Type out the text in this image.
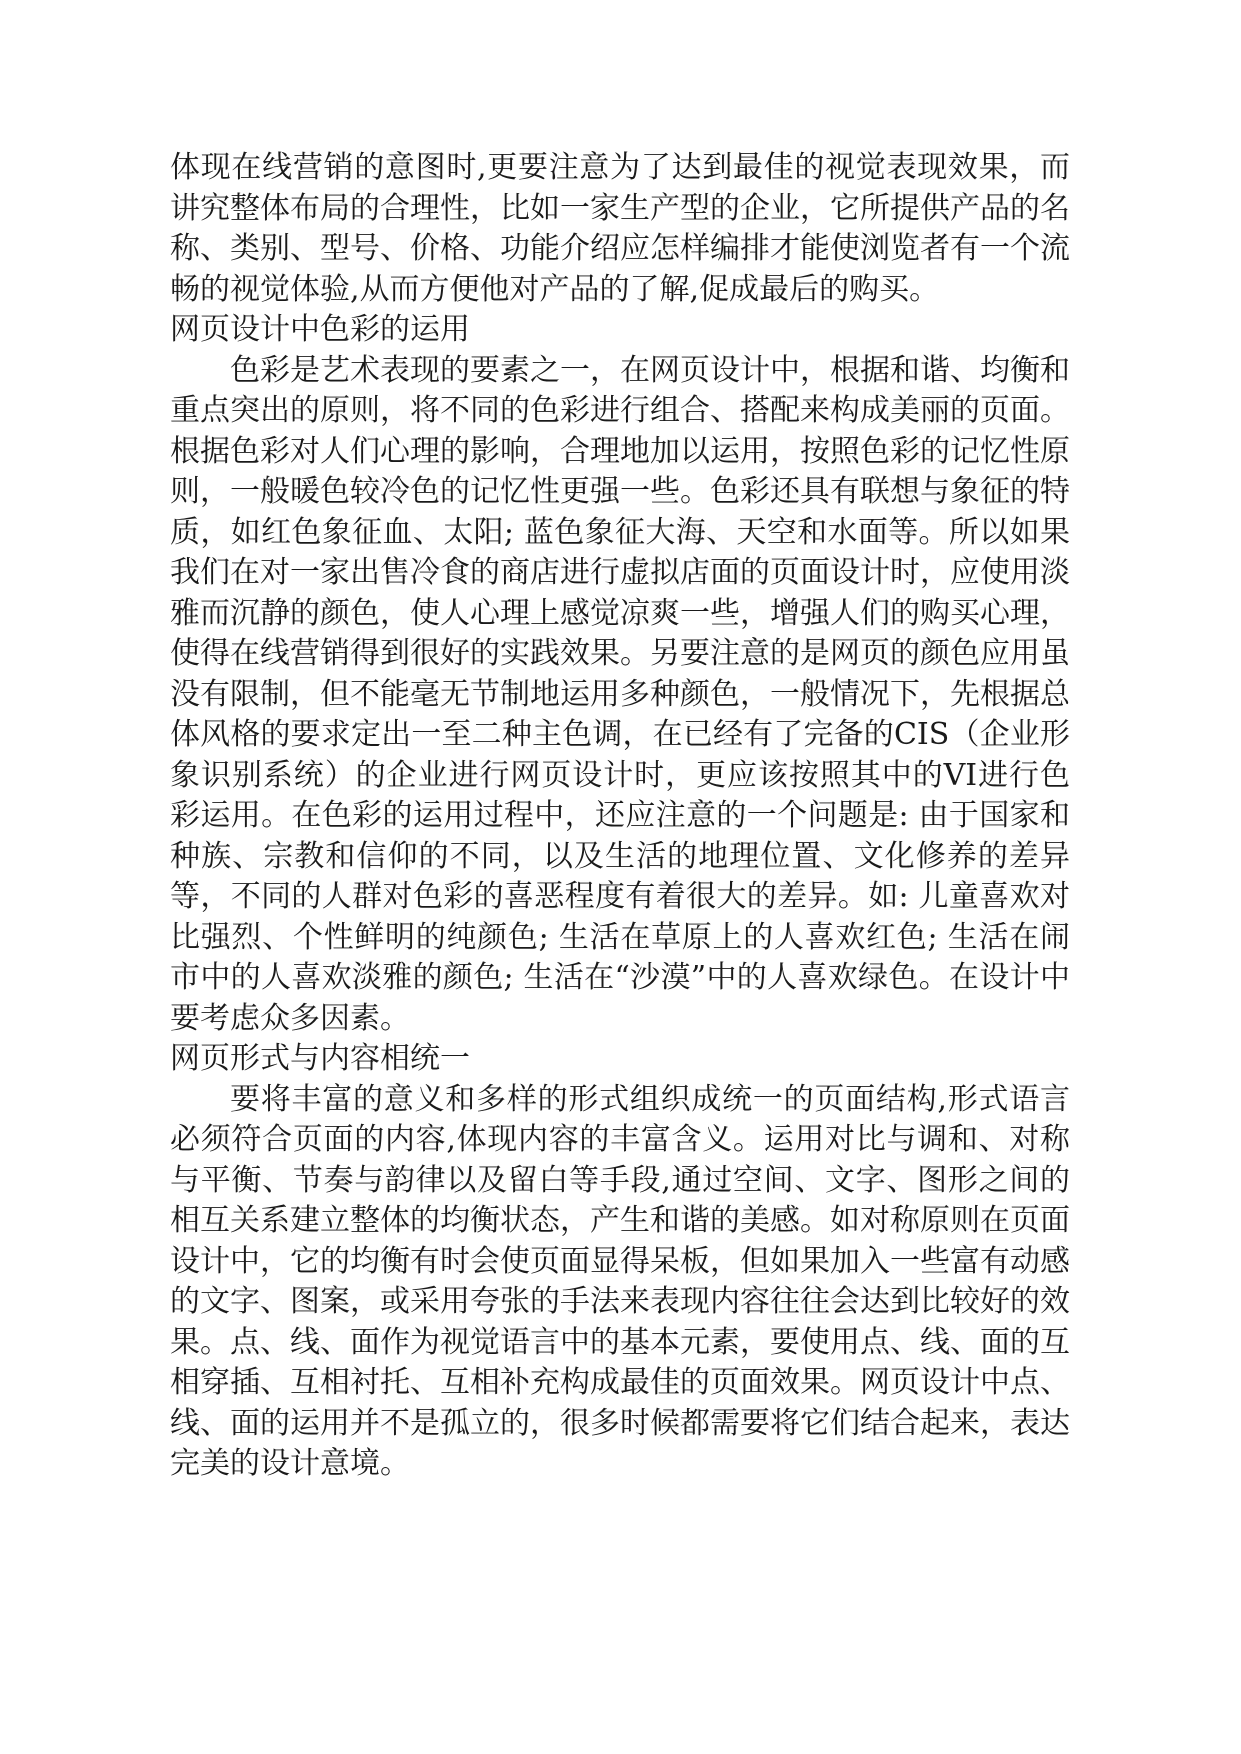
体现在线营销的意图时,更要注意为了达到最佳的视觉表现效果，而讲究整体布局的合理性，比如一家生产型的企业，它所提供产品的名称、类别、型号、价格、功能介绍应怎样编排才能使浏览者有一个流畅的视觉体验,从而方便他对产品的了解,促成最后的购买。

网页设计中色彩的运用

色彩是艺术表现的要素之一，在网页设计中，根据和谐、均衡和重点突出的原则，将不同的色彩进行组合、搭配来构成美丽的页面。根据色彩对人们心理的影响，合理地加以运用，按照色彩的记忆性原则，一般暖色较冷色的记忆性更强一些。色彩还具有联想与象征的特质，如红色象征血、太阳; 蓝色象征大海、天空和水面等。所以如果我们在对一家出售冷食的商店进行虚拟店面的页面设计时，应使用淡雅而沉静的颜色，使人心理上感觉凉爽一些，增强人们的购买心理，使得在线营销得到很好的实践效果。另要注意的是网页的颜色应用虽没有限制，但不能毫无节制地运用多种颜色，一般情况下，先根据总体风格的要求定出一至二种主色调，在已经有了完备的CIS（企业形象识别系统）的企业进行网页设计时，更应该按照其中的VI进行色彩运用。在色彩的运用过程中，还应注意的一个问题是: 由于国家和种族、宗教和信仰的不同，以及生活的地理位置、文化修养的差异等，不同的人群对色彩的喜恶程度有着很大的差异。如: 儿童喜欢对比强烈、个性鲜明的纯颜色; 生活在草原上的人喜欢红色; 生活在闹市中的人喜欢淡雅的颜色; 生活在“沙漠”中的人喜欢绿色。在设计中要考虑众多因素。

网页形式与内容相统一

要将丰富的意义和多样的形式组织成统一的页面结构,形式语言必须符合页面的内容,体现内容的丰富含义。运用对比与调和、对称与平衡、节奏与韵律以及留白等手段,通过空间、文字、图形之间的相互关系建立整体的均衡状态，产生和谐的美感。如对称原则在页面设计中，它的均衡有时会使页面显得呆板，但如果加入一些富有动感的文字、图案，或采用夸张的手法来表现内容往往会达到比较好的效果。点、线、面作为视觉语言中的基本元素，要使用点、线、面的互相穿插、互相衬托、互相补充构成最佳的页面效果。网页设计中点、线、面的运用并不是孤立的，很多时候都需要将它们结合起来，表达完美的设计意境。
